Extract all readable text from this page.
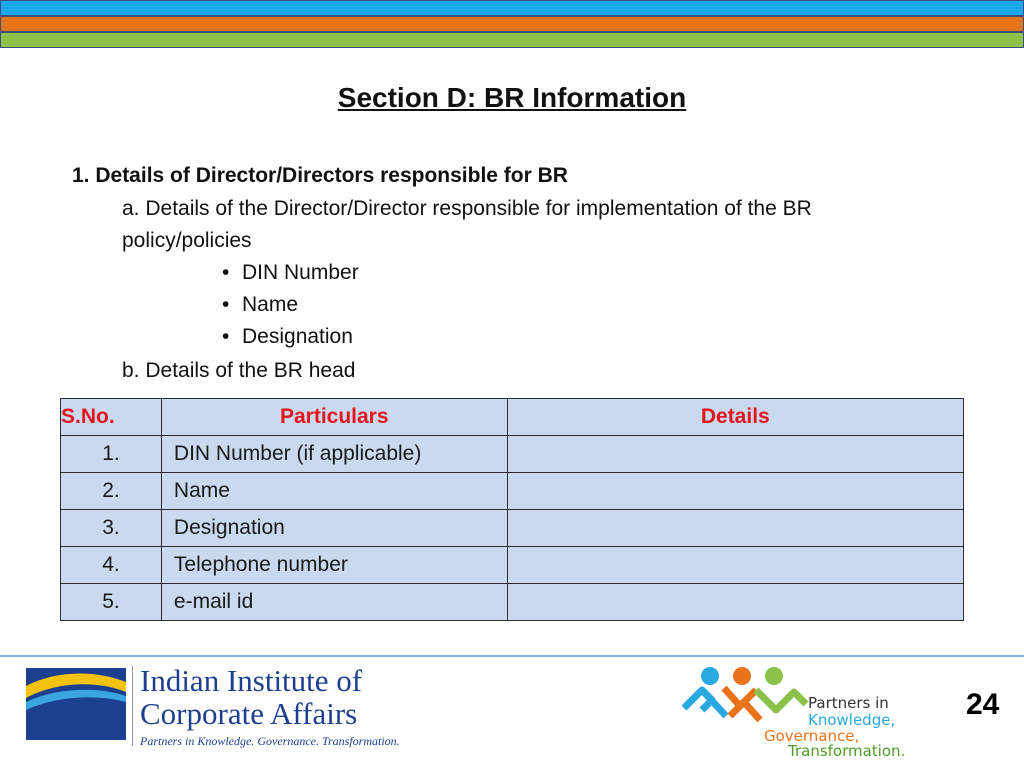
Section D: BR Information
1. Details of Director/Directors responsible for BR
a. Details of the Director/Director responsible for implementation of the BR
policy/policies
• DIN Number
• Name
• Designation
b. Details of the BR head
S.No.	Particulars	Details
1.	DIN Number (if applicable)	
2.	Name	
3.	Designation	
4.	Telephone number	
5.	e-mail id	
IICA
Indian Institute of
Corporate Affairs
Partners in Knowledge. Governance. Transformation.
Partners in
Knowledge,
Governance,
Transformation.
24
